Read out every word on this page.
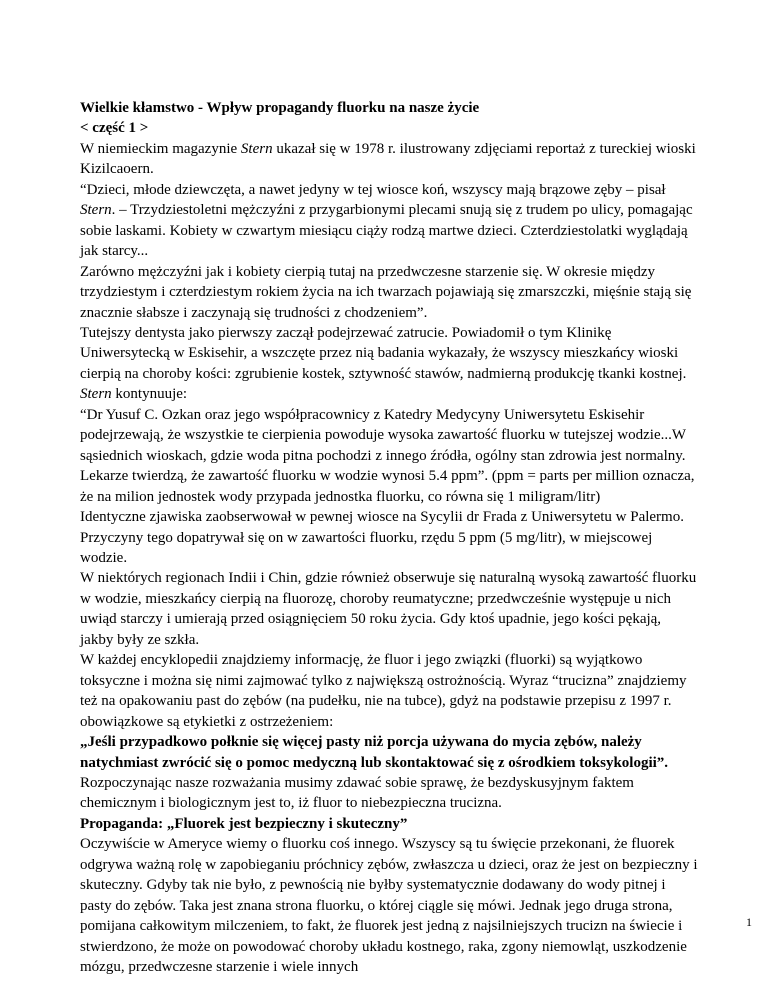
Wielkie kłamstwo - Wpływ propagandy fluorku na nasze życie

< część 1 >

W niemieckim magazynie Stern ukazał się w 1978 r. ilustrowany zdjęciami reportaż z tureckiej wioski Kizilcaoern.

“Dzieci, młode dziewczęta, a nawet jedyny w tej wiosce koń, wszyscy mają brązowe zęby – pisał Stern. – Trzydziestoletni mężczyźni z przygarbionymi plecami snują się z trudem po ulicy, pomagając sobie laskami. Kobiety w czwartym miesiącu ciąży rodzą martwe dzieci. Czterdziestolatki wyglądają jak starcy...

Zarówno mężczyźni jak i kobiety cierpią tutaj na przedwczesne starzenie się. W okresie między trzydziestym i czterdziestym rokiem życia na ich twarzach pojawiają się zmarszczki, mięśnie stają się znacznie słabsze i zaczynają się trudności z chodzeniem”.

Tutejszy dentysta jako pierwszy zaczął podejrzewać zatrucie. Powiadomił o tym Klinikę Uniwersytecką w Eskisehir, a wszczęte przez nią badania wykazały, że wszyscy mieszkańcy wioski cierpią na choroby kości: zgrubienie kostek, sztywność stawów, nadmierną produkcję tkanki kostnej. Stern kontynuuje:

“Dr Yusuf C. Ozkan oraz jego współpracownicy z Katedry Medycyny Uniwersytetu Eskisehir podejrzewają, że wszystkie te cierpienia powoduje wysoka zawartość fluorku w tutejszej wodzie...W sąsiednich wioskach, gdzie woda pitna pochodzi z innego źródła, ogólny stan zdrowia jest normalny. Lekarze twierdzą, że zawartość fluorku w wodzie wynosi 5.4 ppm”. (ppm = parts per million oznacza, że na milion jednostek wody przypada jednostka fluorku, co równa się 1 miligram/litr)

Identyczne zjawiska zaobserwował w pewnej wiosce na Sycylii dr Frada z Uniwersytetu w Palermo. Przyczyny tego dopatrywał się on w zawartości fluorku, rzędu 5 ppm (5 mg/litr), w miejscowej wodzie.

W niektórych regionach Indii i Chin, gdzie również obserwuje się naturalną wysoką zawartość fluorku w wodzie, mieszkańcy cierpią na fluorozę, choroby reumatyczne; przedwcześnie występuje u nich uwiąd starczy i umierają przed osiągnięciem 50 roku życia. Gdy ktoś upadnie, jego kości pękają, jakby były ze szkła.

W każdej encyklopedii znajdziemy informację, że fluor i jego związki (fluorki) są wyjątkowo toksyczne i można się nimi zajmować tylko z największą ostrożnością. Wyraz “trucizna” znajdziemy też na opakowaniu past do zębów (na pudełku, nie na tubce), gdyż na podstawie przepisu z 1997 r. obowiązkowe są etykietki z ostrzeżeniem:

„Jeśli przypadkowo połknie się więcej pasty niż porcja używana do mycia zębów, należy natychmiast zwrócić się o pomoc medyczną lub skontaktować się z ośrodkiem toksykologii”.

Rozpoczynając nasze rozważania musimy zdawać sobie sprawę, że bezdyskusyjnym faktem chemicznym i biologicznym jest to, iż fluor to niebezpieczna trucizna.

Propaganda: „Fluorek jest bezpieczny i skuteczny”

Oczywiście w Ameryce wiemy o fluorku coś innego. Wszyscy są tu święcie przekonani, że fluorek odgrywa ważną rolę w zapobieganiu próchnicy zębów, zwłaszcza u dzieci, oraz że jest on bezpieczny i skuteczny. Gdyby tak nie było, z pewnością nie byłby systematycznie dodawany do wody pitnej i pasty do zębów. Taka jest znana strona fluorku, o której ciągle się mówi. Jednak jego druga strona, pomijana całkowitym milczeniem, to fakt, że fluorek jest jedną z najsilniejszych trucizn na świecie i stwierdzono, że może on powodować choroby układu kostnego, raka, zgony niemowląt, uszkodzenie mózgu, przedwczesne starzenie i wiele innych

1
